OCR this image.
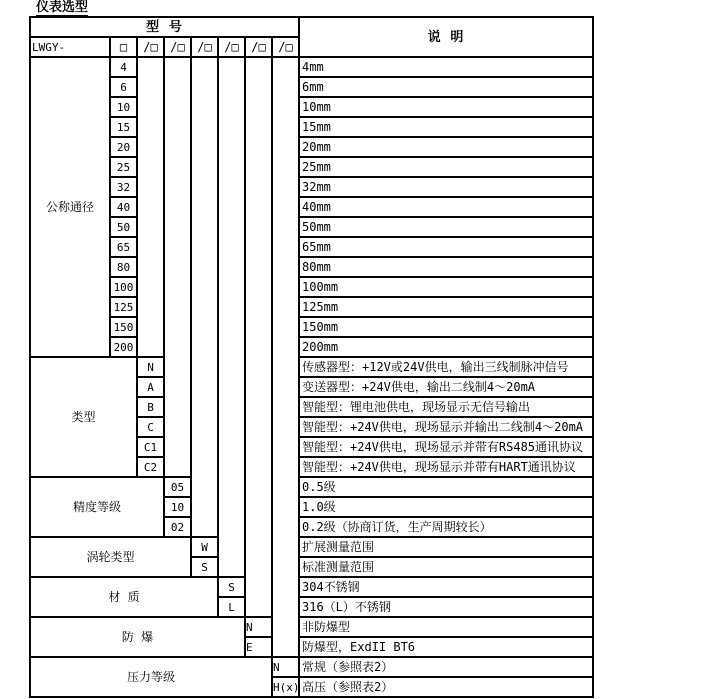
仪表选型
型 号
说 明
LWGY-	□	/□	/□	/□	/□	/□	/□
公称通径
4	4mm
6	6mm
10	10mm
15	15mm
20	20mm
25	25mm
32	32mm
40	40mm
50	50mm
65	65mm
80	80mm
100	100mm
125	125mm
150	150mm
200	200mm
类型
N	传感器型：+12V或24V供电，输出三线制脉冲信号
A	变送器型：+24V供电，输出二线制4～20mA
B	智能型：锂电池供电，现场显示无信号输出
C	智能型：+24V供电，现场显示并输出二线制4～20mA
C1	智能型：+24V供电，现场显示并带有RS485通讯协议
C2	智能型：+24V供电，现场显示并带有HART通讯协议
精度等级
05	0.5级
10	1.0级
02	0.2级（协商订货，生产周期较长）
涡轮类型
W	扩展测量范围
S	标准测量范围
材 质
S	304不锈钢
L	316（L）不锈钢
防 爆
N	非防爆型
E	防爆型，ExdII BT6
压力等级
N	常规（参照表2）
H(x) 高压（参照表2）
